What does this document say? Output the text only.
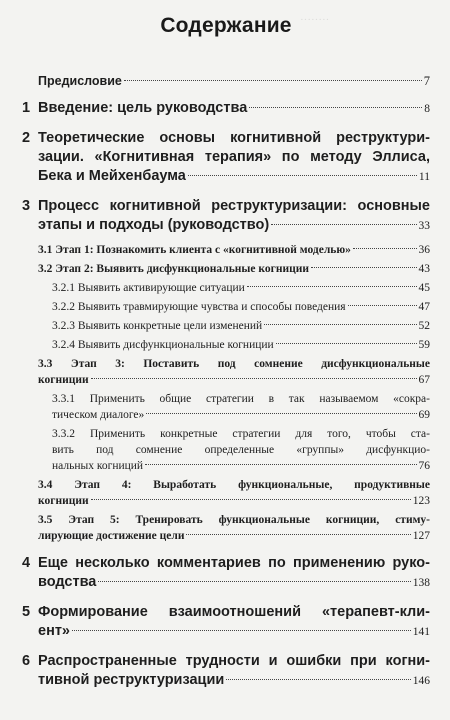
········
Содержание
Предисловие	7
1 Введение: цель руководства	8
2 Теоретические основы когнитивной реструктури-
зации. «Когнитивная терапия» по методу Эллиса,
Бека и Мейхенбаума	11
3 Процесс когнитивной реструктуризации: основные
этапы и подходы (руководство)	33
3.1 Этап 1: Познакомить клиента с «когнитивной моделью»	36
3.2 Этап 2: Выявить дисфункциональные когниции	43
3.2.1 Выявить активирующие ситуации	45
3.2.2 Выявить травмирующие чувства и способы поведения	47
3.2.3 Выявить конкретные цели изменений	52
3.2.4 Выявить дисфункциональные когниции	59
3.3 Этап 3: Поставить под сомнение дисфункциональные
когниции	67
3.3.1 Применить общие стратегии в так называемом «сокра-
тическом диалоге»	69
3.3.2 Применить конкретные стратегии для того, чтобы ста-
вить под сомнение определенные «группы» дисфункцио-
нальных когниций	76
3.4 Этап 4: Выработать функциональные, продуктивные
когниции	123
3.5 Этап 5: Тренировать функциональные когниции, стиму-
лирующие достижение цели	127
4 Еще несколько комментариев по применению руко-
водства	138
5 Формирование взаимоотношений «терапевт-кли-
ент»	141
6 Распространенные трудности и ошибки при когни-
тивной реструктуризации	146
